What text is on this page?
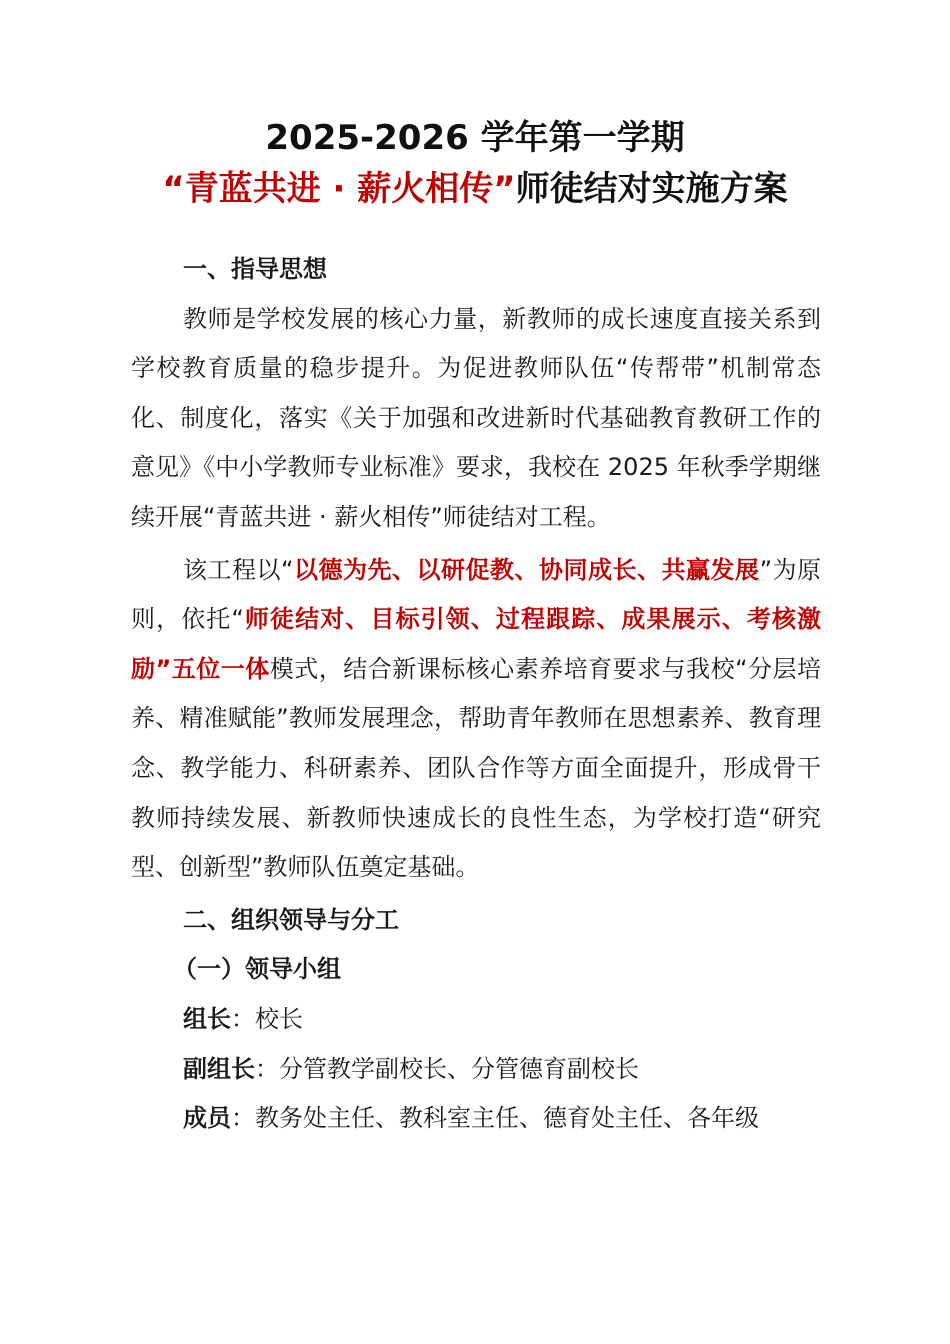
2025-2026 学年第一学期
“青蓝共进 · 薪火相传”师徒结对实施方案

一、指导思想

教师是学校发展的核心力量，新教师的成长速度直接关系到学校教育质量的稳步提升。为促进教师队伍“传帮带”机制常态化、制度化，落实《关于加强和改进新时代基础教育教研工作的意见》《中小学教师专业标准》要求，我校在 2025 年秋季学期继续开展“青蓝共进 · 薪火相传”师徒结对工程。

该工程以“以德为先、以研促教、协同成长、共赢发展”为原则，依托“师徒结对、目标引领、过程跟踪、成果展示、考核激励”五位一体模式，结合新课标核心素养培育要求与我校“分层培养、精准赋能”教师发展理念，帮助青年教师在思想素养、教育理念、教学能力、科研素养、团队合作等方面全面提升，形成骨干教师持续发展、新教师快速成长的良性生态，为学校打造“研究型、创新型”教师队伍奠定基础。

二、组织领导与分工

（一）领导小组

组长：校长

副组长：分管教学副校长、分管德育副校长

成员：教务处主任、教科室主任、德育处主任、各年级
